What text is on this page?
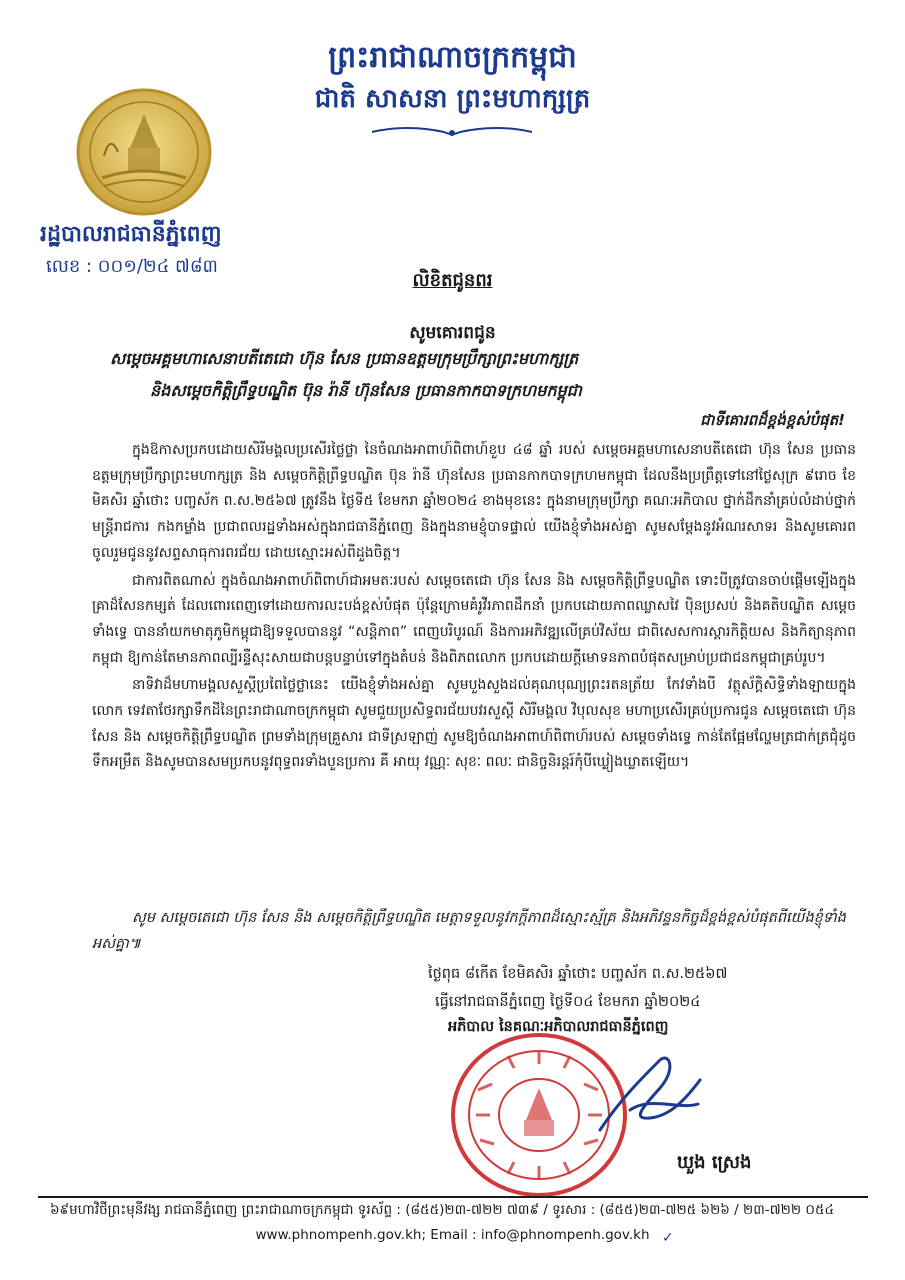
ព្រះរាជាណាចក្រកម្ពុជា
ជាតិ សាសនា ព្រះមហាក្សត្រ
រដ្ឋបាលរាជធានីភ្នំពេញ
លេខ : ០០១/២៤ ៧៨៣
លិខិតជូនពរ
សូមគោរពជូន
សម្តេចអគ្គមហាសេនាបតីតេជោ ហ៊ុន សែន ប្រធានឧត្តមក្រុមប្រឹក្សាព្រះមហាក្សត្រ
និងសម្តេចកិត្តិព្រឹទ្ធបណ្ឌិត ប៊ុន រ៉ានី ហ៊ុនសែន ប្រធានកាកបាទក្រហមកម្ពុជា
ជាទីគោរពដ៏ខ្ពង់ខ្ពស់បំផុត!

ក្នុងឱកាសប្រកបដោយសិរីមង្គលប្រសើរថ្លៃថ្លា នៃចំណងអាពាហ៍ពិពាហ៍ខួប ៤៨ ឆ្នាំ របស់ សម្តេចអគ្គមហាសេនាបតីតេជោ ហ៊ុន សែន ប្រធានឧត្តមក្រុមប្រឹក្សាព្រះមហាក្សត្រ និង សម្តេចកិត្តិព្រឹទ្ធបណ្ឌិត ប៊ុន រ៉ានី ហ៊ុនសែន ប្រធានកាកបាទក្រហមកម្ពុជា ដែលនឹងប្រព្រឹត្តទៅនៅថ្ងៃសុក្រ ៩រោច ខែមិគសិរ ឆ្នាំថោះ បញ្ចស័ក ព.ស.២៥៦៧ ត្រូវនឹង ថ្ងៃទី៥ ខែមករា ឆ្នាំ២០២៤ ខាងមុខនេះ ក្នុងនាមក្រុមប្រឹក្សា គណៈអភិបាល ថ្នាក់ដឹកនាំគ្រប់លំដាប់ថ្នាក់ មន្ត្រីរាជការ កងកម្លាំង ប្រជាពលរដ្ឋទាំងអស់ក្នុងរាជធានីភ្នំពេញ និងក្នុងនាមខ្ញុំបាទផ្ទាល់ យើងខ្ញុំទាំងអស់គ្នា សូមសម្តែងនូវអំណរសាទរ និងសូមគោរពចូលរួមជូននូវសព្ទសាធុការពរជ័យ ដោយស្មោះអស់ពីដួងចិត្ត។

ជាការពិតណាស់ ក្នុងចំណងអាពាហ៍ពិពាហ៍ជាអមតៈរបស់ សម្តេចតេជោ ហ៊ុន សែន និង សម្តេចកិត្តិព្រឹទ្ធបណ្ឌិត ទោះបីត្រូវបានចាប់ផ្តើមឡើងក្នុងគ្រាដ៏សែនកម្សត់ ដែលពោរពេញទៅដោយការលះបង់ខ្ពស់បំផុត ប៉ុន្តែក្រោមគំរូវីរភាពដឹកនាំ ប្រកបដោយភាពឈ្លាសវៃ ប៉ិនប្រសប់ និងគតិបណ្ឌិត សម្តេចទាំងទ្វេ បាននាំយកមាតុភូមិកម្ពុជាឱ្យទទួលបាននូវ “សន្តិភាព” ពេញបរិបូរណ៍ និងការអភិវឌ្ឍលើគ្រប់វិស័យ ជាពិសេសការស្តារកិត្តិយស និងកិត្យានុភាពកម្ពុជា ឱ្យកាន់តែមានភាពល្បីរន្ទឺសុះសាយជាបន្តបន្ទាប់ទៅក្នុងតំបន់ និងពិភពលោក ប្រកបដោយក្តីមោទនភាពបំផុតសម្រាប់ប្រជាជនកម្ពុជាគ្រប់រូប។

នាទិវាដ៏មហាមង្គលសួស្តីប្រពៃថ្លៃថ្លានេះ យើងខ្ញុំទាំងអស់គ្នា សូមបួងសួងដល់គុណបុណ្យព្រះរតនត្រ័យ កែវទាំងបី វត្ថុស័ក្តិសិទ្ធិទាំងឡាយក្នុងលោក ទេវតាថែរក្សាទឹកដីនៃព្រះរាជាណាចក្រកម្ពុជា សូមជួយប្រសិទ្ធពរជ័យបវរសួស្តី សិរីមង្គល វិបុលសុខ មហាប្រសើរគ្រប់ប្រការជូន សម្តេចតេជោ ហ៊ុន សែន និង សម្តេចកិត្តិព្រឹទ្ធបណ្ឌិត ព្រមទាំងក្រុមគ្រួសារ ជាទីស្រឡាញ់ សូមឱ្យចំណងអាពាហ៍ពិពាហ៍របស់ សម្តេចទាំងទ្វេ កាន់តែផ្អែមល្ហែមត្រជាក់ត្រជុំដូចទឹកអម្រឹត និងសូមបានសមប្រកបនូវពុទ្ធពរទាំងបួនប្រការ គឺ អាយុ វណ្ណៈ សុខៈ ពលៈ ជានិច្ចនិរន្តរ៍កុំបីឃ្លៀងឃ្លាតឡើយ។

សូម សម្តេចតេជោ ហ៊ុន សែន និង សម្តេចកិត្តិព្រឹទ្ធបណ្ឌិត មេត្តាទទួលនូវកក្តីភាពដ៏ស្មោះស្ម័គ្រ និងអភិវន្ទនកិច្ចដ៏ខ្ពង់ខ្ពស់បំផុតពីយើងខ្ញុំទាំងអស់គ្នា៕
ថ្ងៃពុធ ៨កើត ខែមិគសិរ ឆ្នាំថោះ បញ្ចស័ក ព.ស.២៥៦៧
ធ្វើនៅរាជធានីភ្នំពេញ ថ្ងៃទី០៤ ខែមករា ឆ្នាំ២០២៤
អភិបាល នៃគណៈអភិបាលរាជធានីភ្នំពេញ
ឃួង ស្រេង
៦៩មហាវិថីព្រះមុនីវង្ស រាជធានីភ្នំពេញ ព្រះរាជាណាចក្រកម្ពុជា ទូរស័ព្ទ : (៨៥៥)២៣-៧២២ ៧៣៩ / ទូរសារ : (៨៥៥)២៣-៧២៥ ៦២៦ / ២៣-៧២២ ០៥៤
www.phnompenh.gov.kh; Email : info@phnompenh.gov.kh ✓
